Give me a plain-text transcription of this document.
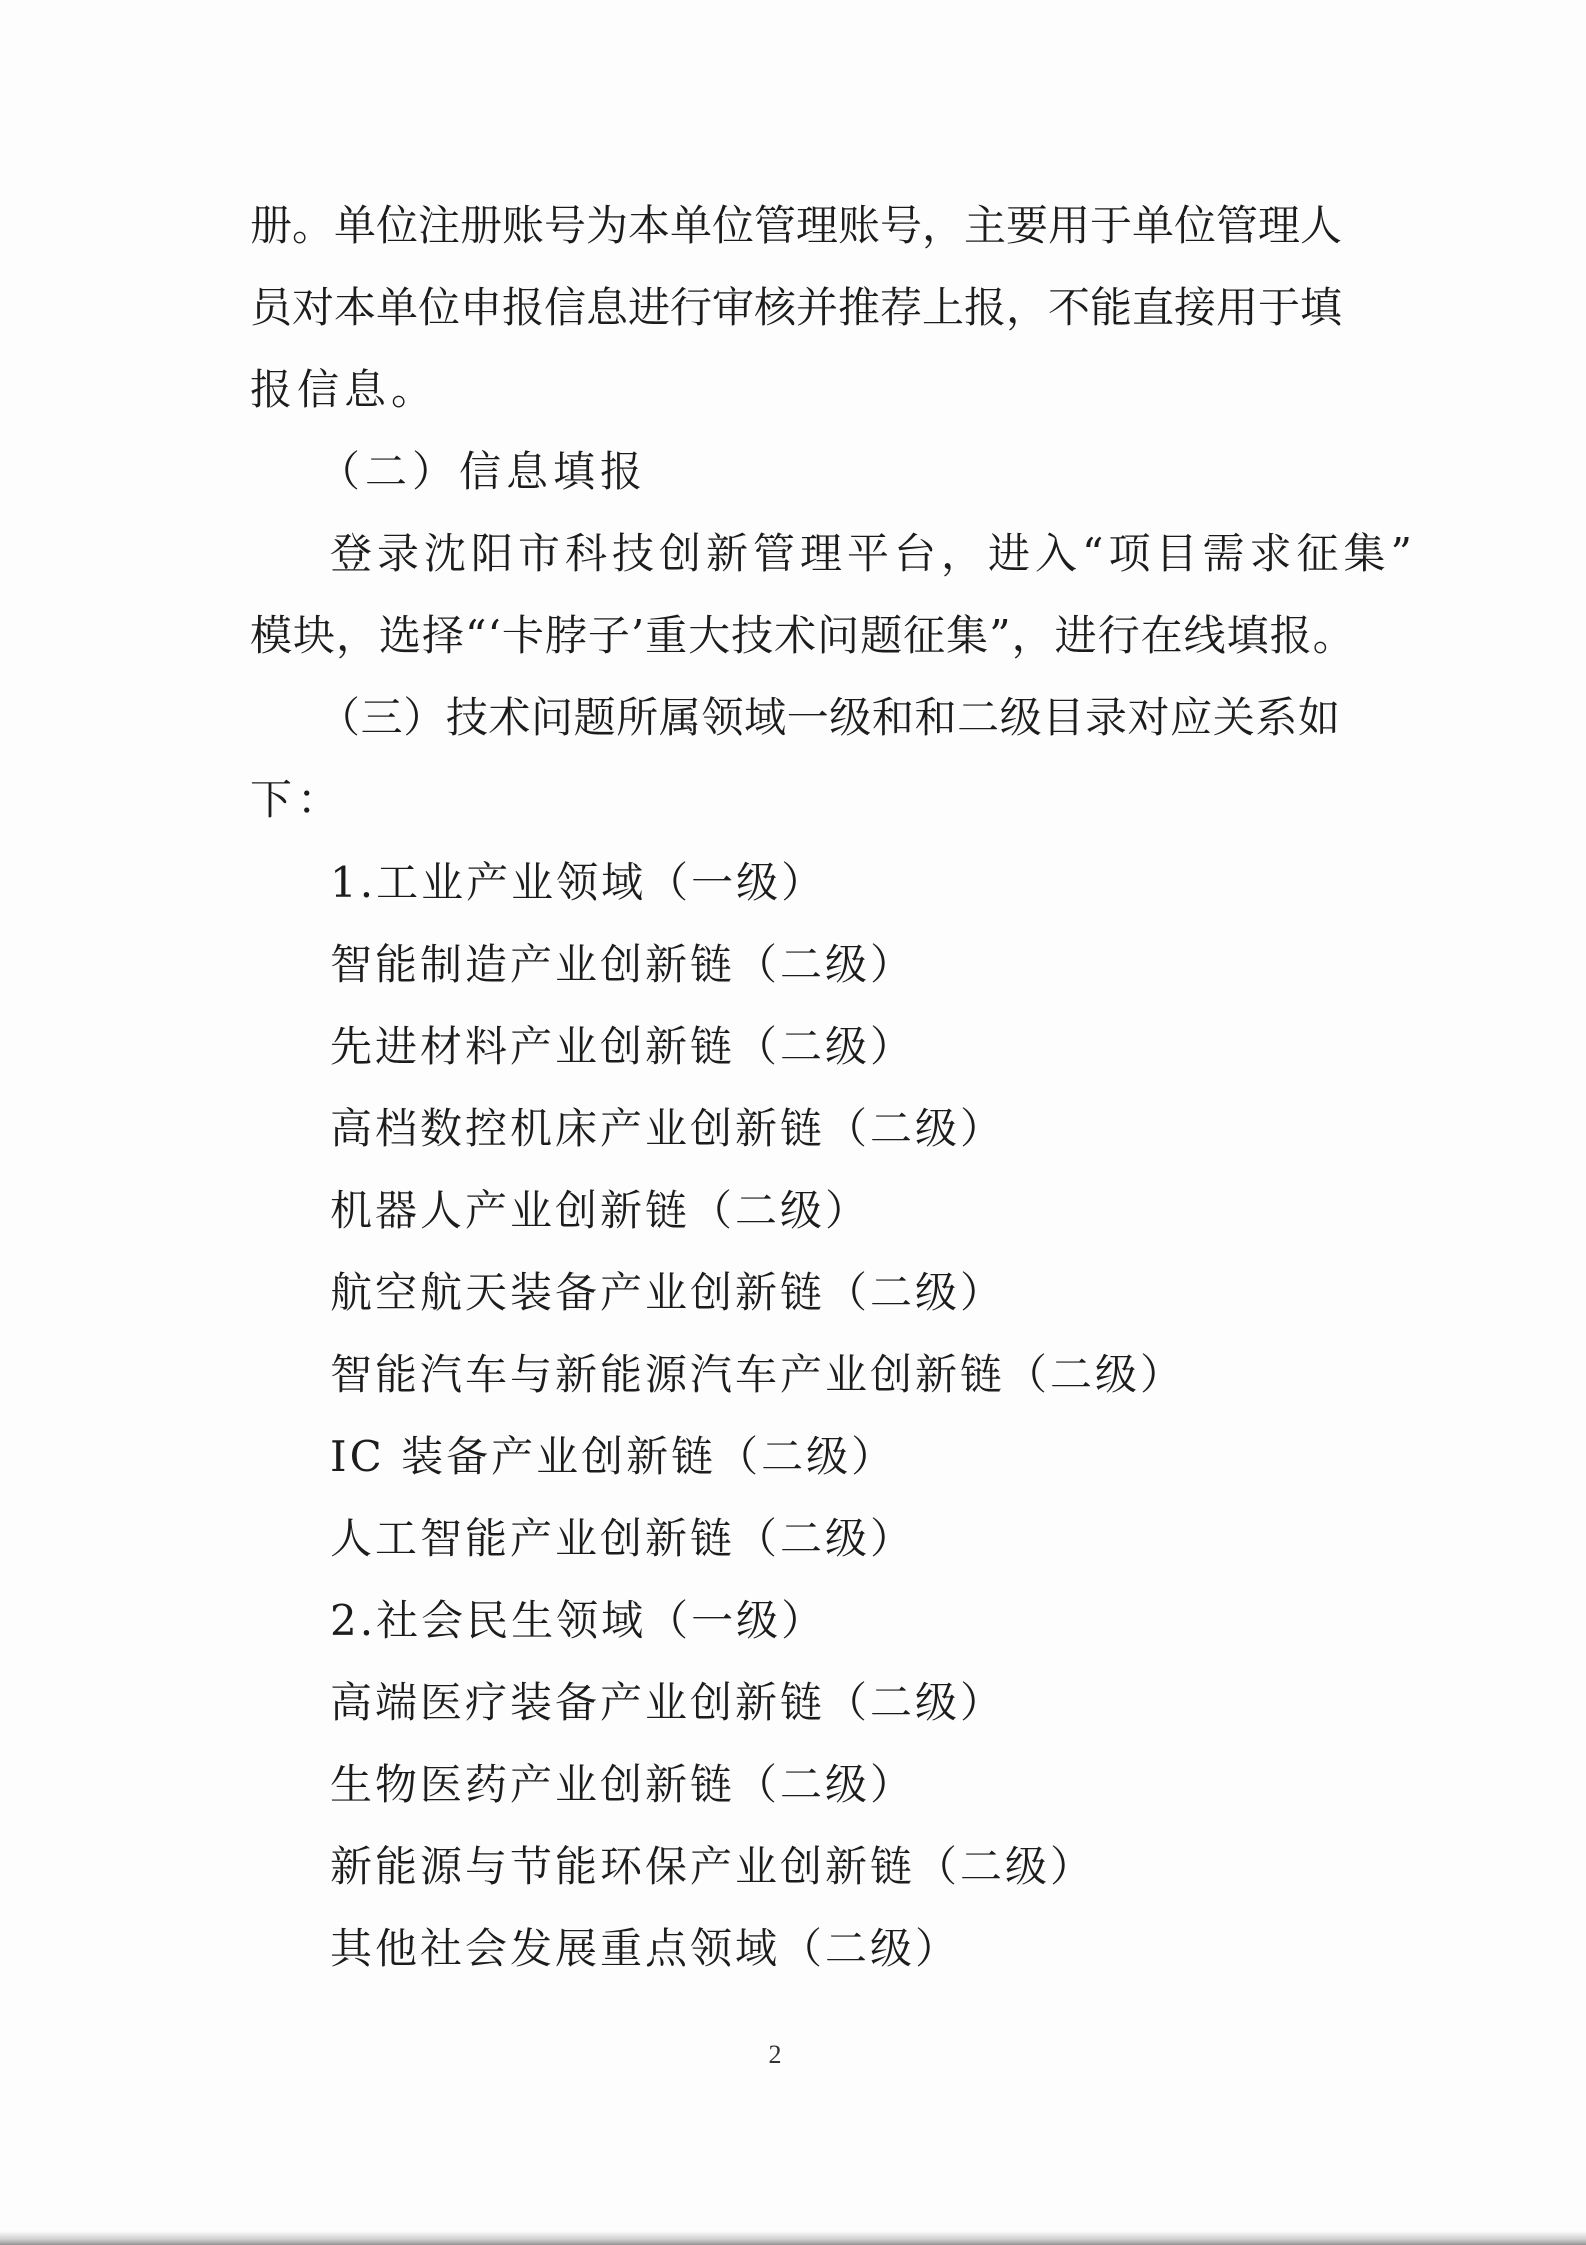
册。单位注册账号为本单位管理账号，主要用于单位管理人
员对本单位申报信息进行审核并推荐上报，不能直接用于填
报信息。
（二）信息填报
登录沈阳市科技创新管理平台，进入“项目需求征集”
模块，选择“‘卡脖子’重大技术问题征集”，进行在线填报。
（三）技术问题所属领域一级和和二级目录对应关系如
下：
1.工业产业领域（一级）
智能制造产业创新链（二级）
先进材料产业创新链（二级）
高档数控机床产业创新链（二级）
机器人产业创新链（二级）
航空航天装备产业创新链（二级）
智能汽车与新能源汽车产业创新链（二级）
IC 装备产业创新链（二级）
人工智能产业创新链（二级）
2.社会民生领域（一级）
高端医疗装备产业创新链（二级）
生物医药产业创新链（二级）
新能源与节能环保产业创新链（二级）
其他社会发展重点领域（二级）
2
